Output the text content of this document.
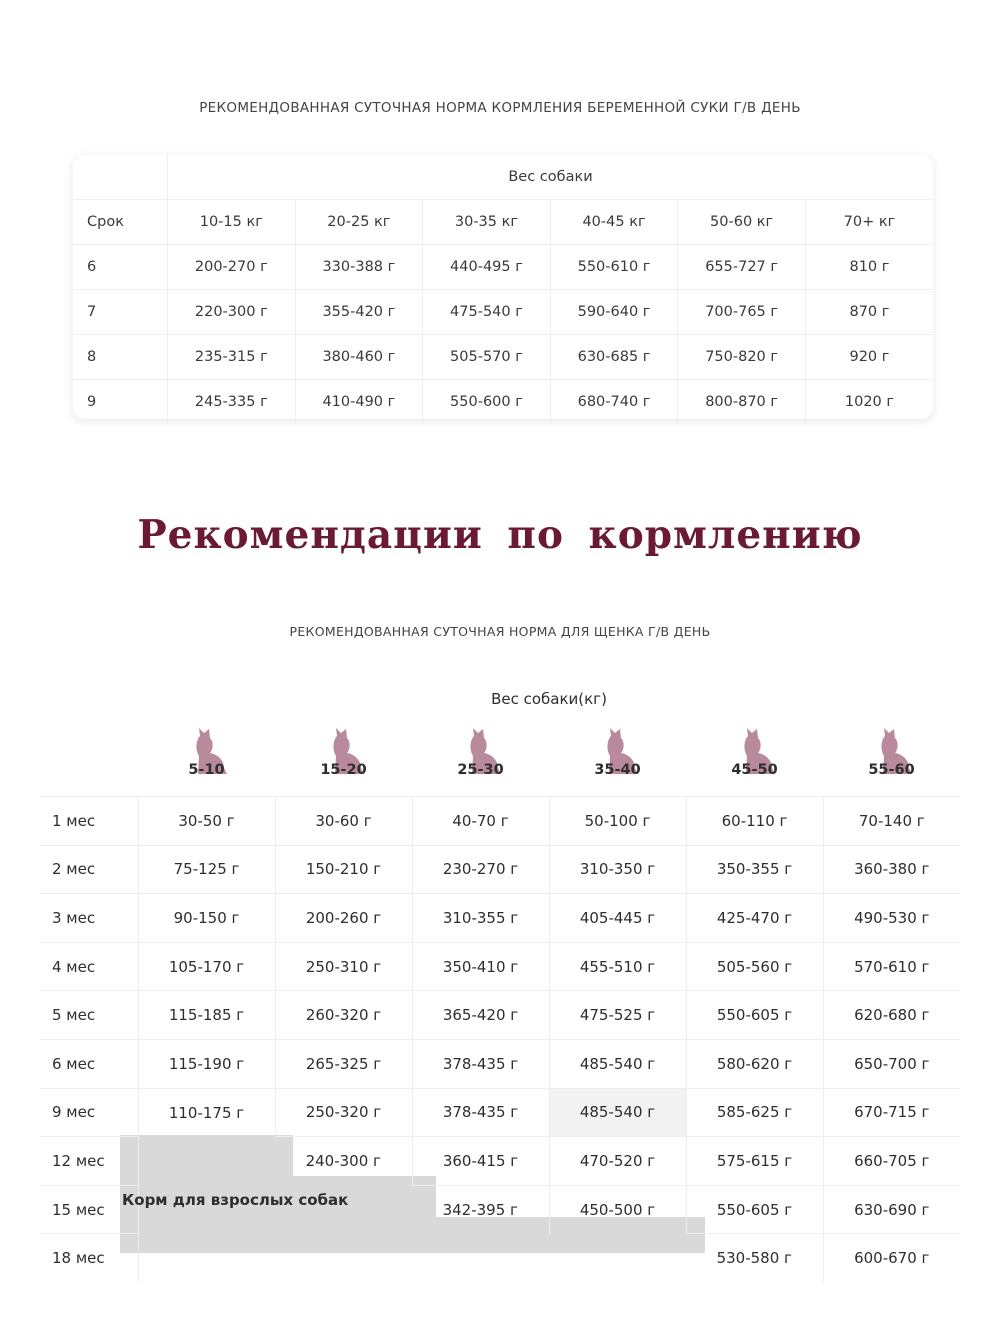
РЕКОМЕНДОВАННАЯ СУТОЧНАЯ НОРМА КОРМЛЕНИЯ БЕРЕМЕННОЙ СУКИ Г/В ДЕНЬ
	Вес собаки					
Срок	10-15 кг	20-25 кг	30-35 кг	40-45 кг	50-60 кг	70+ кг
6	200-270 г	330-388 г	440-495 г	550-610 г	655-727 г	810 г
7	220-300 г	355-420 г	475-540 г	590-640 г	700-765 г	870 г
8	235-315 г	380-460 г	505-570 г	630-685 г	750-820 г	920 г
9	245-335 г	410-490 г	550-600 г	680-740 г	800-870 г	1020 г
Рекомендации по кормлению
РЕКОМЕНДОВАННАЯ СУТОЧНАЯ НОРМА ДЛЯ ЩЕНКА Г/В ДЕНЬ
	Вес собаки(кг)					

	5-10	15-20	25-30	35-40	45-50	55-60

1 мес	30-50 г	30-60 г	40-70 г	50-100 г	60-110 г	70-140 г
2 мес	75-125 г	150-210 г	230-270 г	310-350 г	350-355 г	360-380 г
3 мес	90-150 г	200-260 г	310-355 г	405-445 г	425-470 г	490-530 г
4 мес	105-170 г	250-310 г	350-410 г	455-510 г	505-560 г	570-610 г
5 мес	115-185 г	260-320 г	365-420 г	475-525 г	550-605 г	620-680 г
6 мес	115-190 г	265-325 г	378-435 г	485-540 г	580-620 г	650-700 г
9 мес	110-175 г	250-320 г	378-435 г	485-540 г	585-625 г	670-715 г
12 мес		240-300 г	360-415 г	470-520 г	575-615 г	660-705 г
15 мес			342-395 г	450-500 г	550-605 г	630-690 г
18 мес					530-580 г	600-670 г
Корм для взрослых собак
